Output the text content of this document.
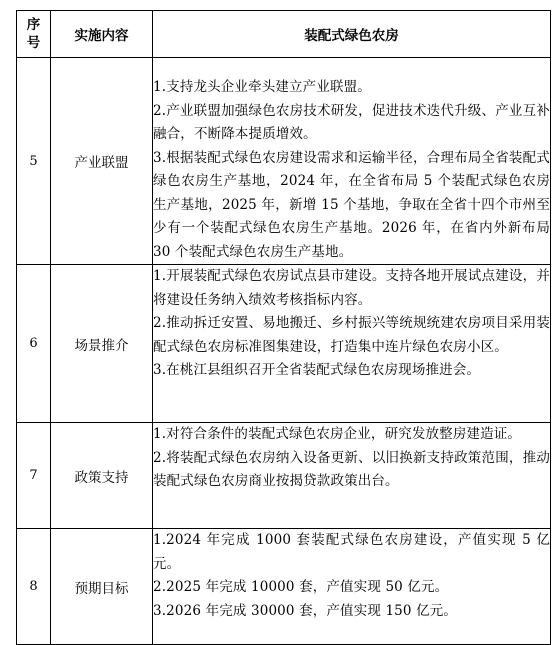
序号	实施内容	装配式绿色农房
5	产业联盟	1.支持龙头企业牵头建立产业联盟。
2.产业联盟加强绿色农房技术研发，促进技术迭代升级、产业互补融合，不断降本提质增效。
3.根据装配式绿色农房建设需求和运输半径，合理布局全省装配式绿色农房生产基地，2024 年，在全省布局 5 个装配式绿色农房生产基地，2025 年，新增 15 个基地，争取在全省十四个市州至少有一个装配式绿色农房生产基地。2026 年，在省内外新布局 30 个装配式绿色农房生产基地。

6	场景推介	1.开展装配式绿色农房试点县市建设。支持各地开展试点建设，并将建设任务纳入绩效考核指标内容。
2.推动拆迁安置、易地搬迁、乡村振兴等统规统建农房项目采用装配式绿色农房标准图集建设，打造集中连片绿色农房小区。
3.在桃江县组织召开全省装配式绿色农房现场推进会。

7	政策支持	1.对符合条件的装配式绿色农房企业，研究发放整房建造证。
2.将装配式绿色农房纳入设备更新、以旧换新支持政策范围，推动装配式绿色农房商业按揭贷款政策出台。

8	预期目标	1.2024 年完成 1000 套装配式绿色农房建设，产值实现 5 亿元。
2.2025 年完成 10000 套，产值实现 50 亿元。
3.2026 年完成 30000 套，产值实现 150 亿元。
